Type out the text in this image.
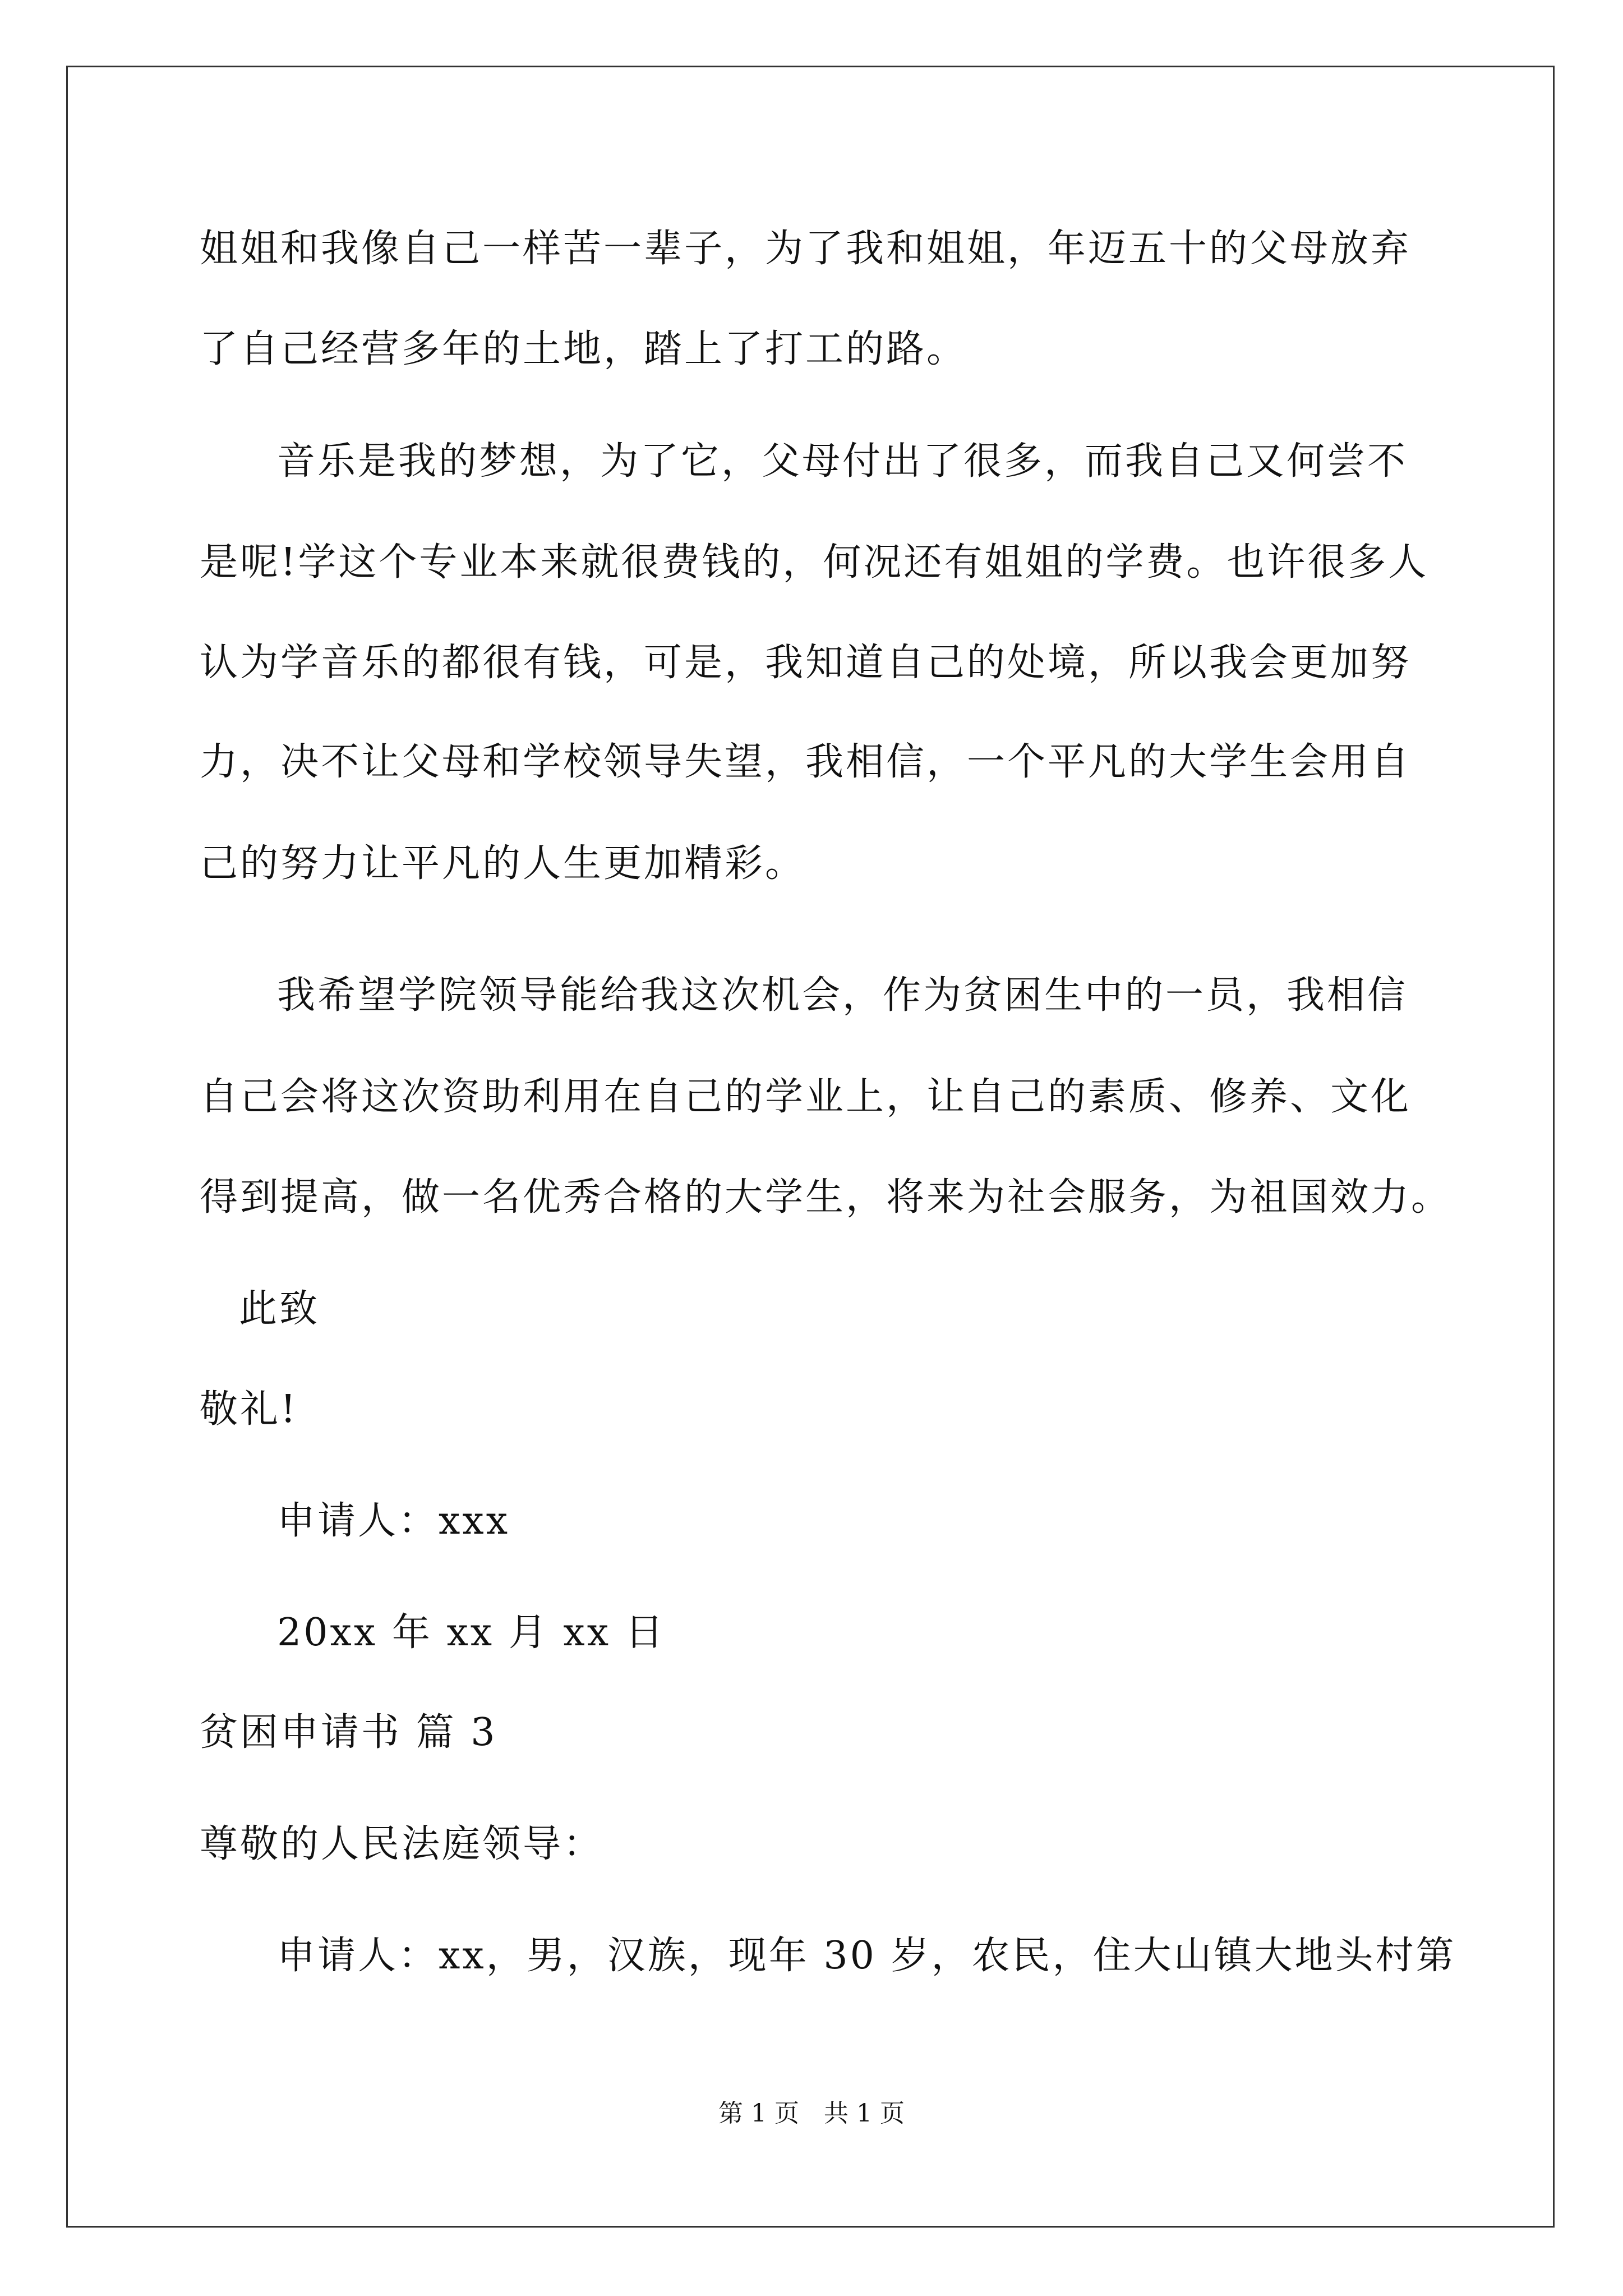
姐姐和我像自己一样苦一辈子，为了我和姐姐，年迈五十的父母放弃
了自己经营多年的土地，踏上了打工的路。
音乐是我的梦想，为了它，父母付出了很多，而我自己又何尝不
是呢!学这个专业本来就很费钱的，何况还有姐姐的学费。也许很多人
认为学音乐的都很有钱，可是，我知道自己的处境，所以我会更加努
力，决不让父母和学校领导失望，我相信，一个平凡的大学生会用自
己的努力让平凡的人生更加精彩。
我希望学院领导能给我这次机会，作为贫困生中的一员，我相信
自己会将这次资助利用在自己的学业上，让自己的素质、修养、文化
得到提高，做一名优秀合格的大学生，将来为社会服务，为祖国效力。
此致
敬礼!
申请人：xxx
20xx 年 xx 月 xx 日
贫困申请书 篇 3
尊敬的人民法庭领导：
申请人：xx，男，汉族，现年 30 岁，农民，住大山镇大地头村第
第 1 页　共 1 页
